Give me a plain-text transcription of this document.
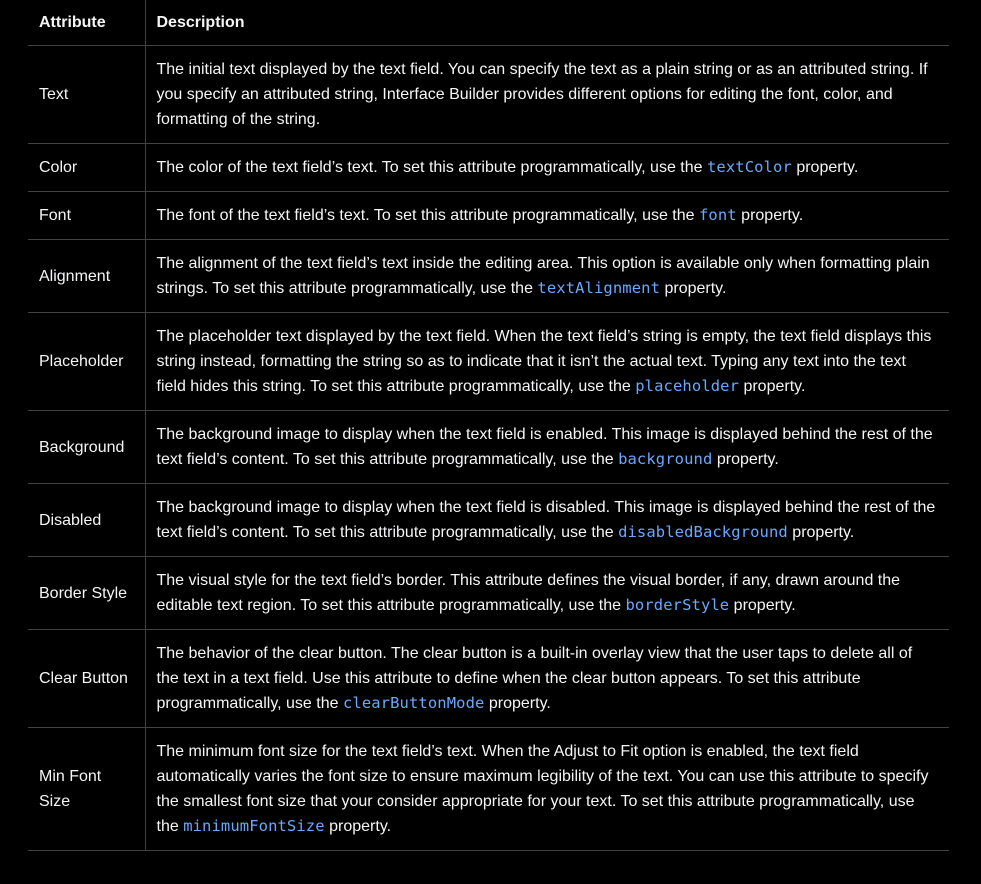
Attribute	Description
Text	The initial text displayed by the text field. You can specify the text as a plain string or as an attributed string. If you specify an attributed string, Interface Builder provides different options for editing the font, color, and formatting of the string.
Color	The color of the text field’s text. To set this attribute programmatically, use the textColor property.
Font	The font of the text field’s text. To set this attribute programmatically, use the font property.
Alignment	The alignment of the text field’s text inside the editing area. This option is available only when formatting plain strings. To set this attribute programmatically, use the textAlignment property.
Placeholder	The placeholder text displayed by the text field. When the text field’s string is empty, the text field displays this string instead, formatting the string so as to indicate that it isn’t the actual text. Typing any text into the text field hides this string. To set this attribute programmatically, use the placeholder property.
Background	The background image to display when the text field is enabled. This image is displayed behind the rest of the text field’s content. To set this attribute programmatically, use the background property.
Disabled	The background image to display when the text field is disabled. This image is displayed behind the rest of the text field’s content. To set this attribute programmatically, use the disabledBackground property.
Border Style	The visual style for the text field’s border. This attribute defines the visual border, if any, drawn around the editable text region. To set this attribute programmatically, use the borderStyle property.
Clear Button	The behavior of the clear button. The clear button is a built-in overlay view that the user taps to delete all of the text in a text field. Use this attribute to define when the clear button appears. To set this attribute programmatically, use the clearButtonMode property.
Min Font Size	The minimum font size for the text field’s text. When the Adjust to Fit option is enabled, the text field automatically varies the font size to ensure maximum legibility of the text. You can use this attribute to specify the smallest font size that your consider appropriate for your text. To set this attribute programmatically, use the minimumFontSize property.
